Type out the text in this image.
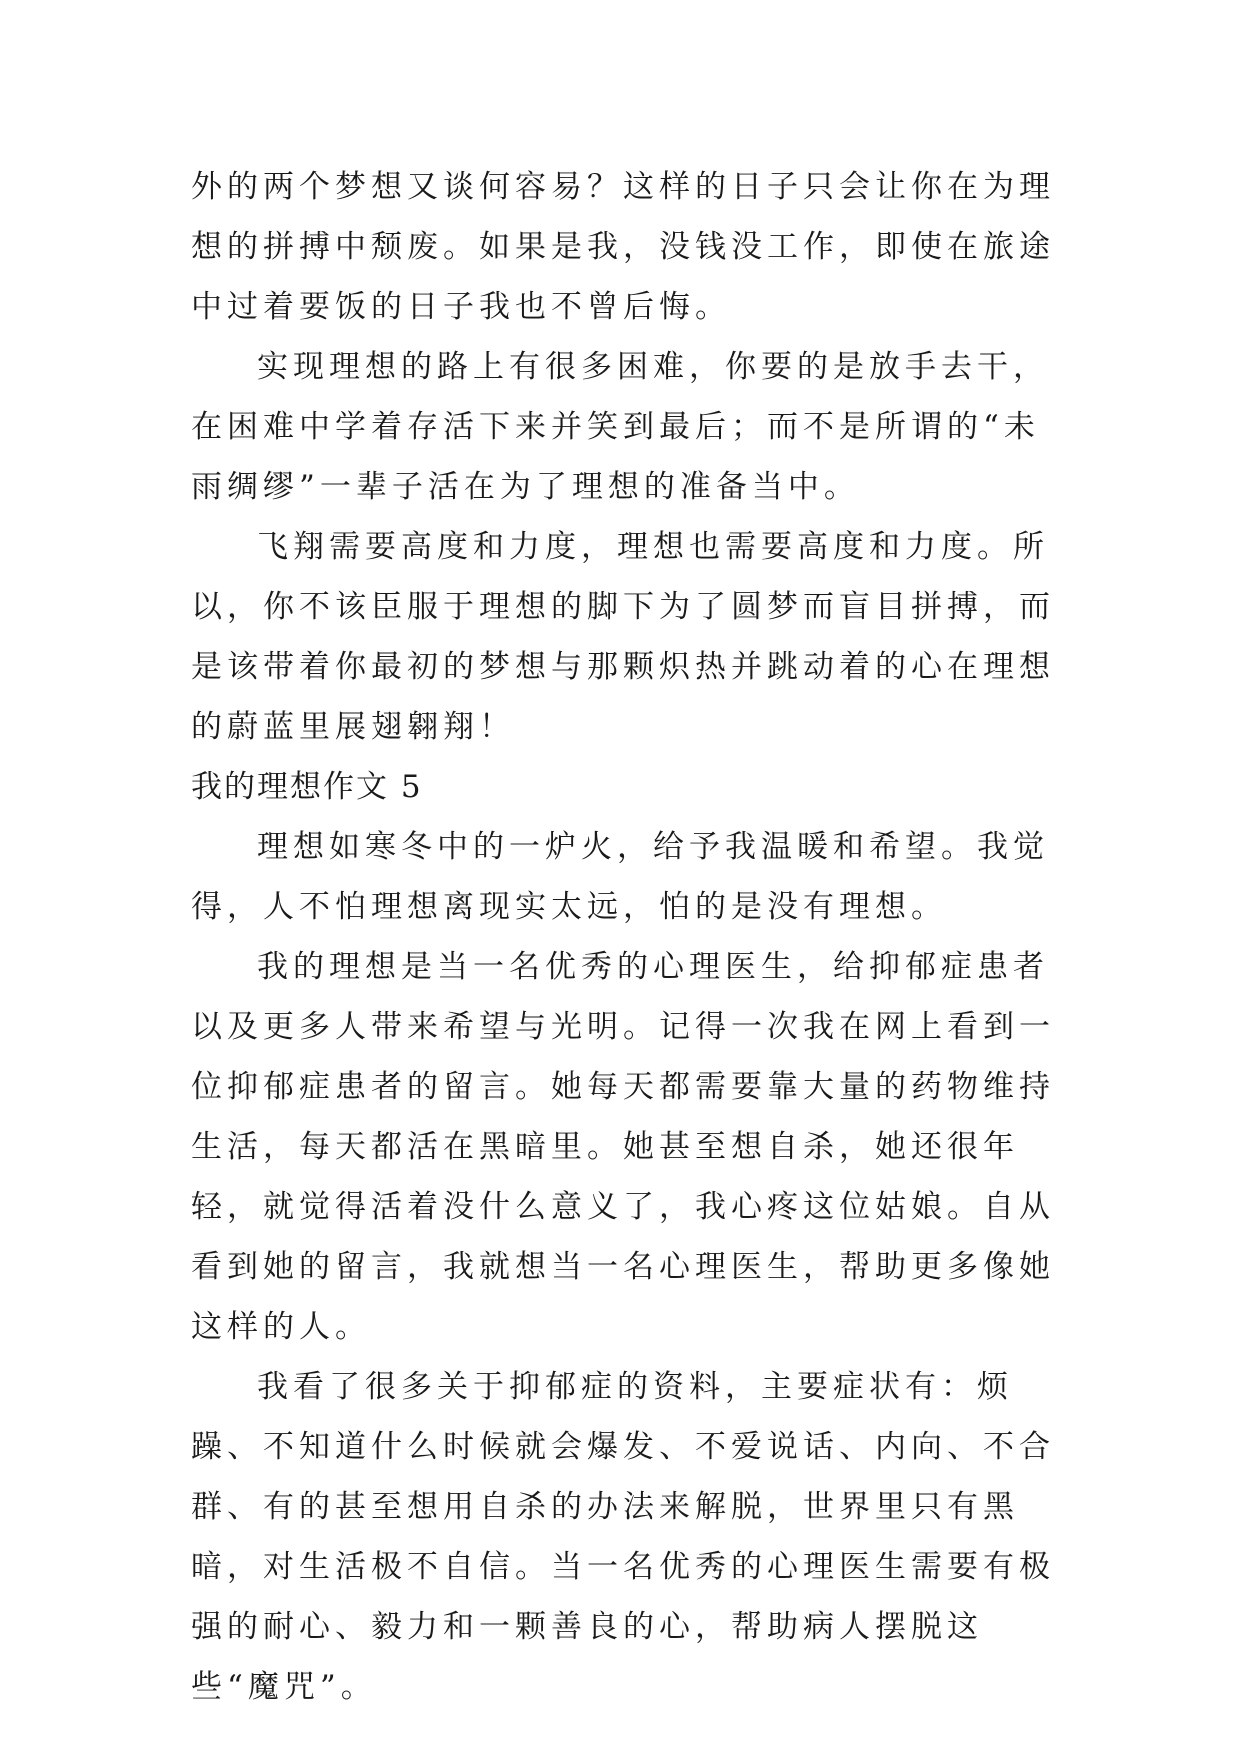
外的两个梦想又谈何容易？这样的日子只会让你在为理想的拼搏中颓废。如果是我，没钱没工作，即使在旅途中过着要饭的日子我也不曾后悔。

实现理想的路上有很多困难，你要的是放手去干，在困难中学着存活下来并笑到最后；而不是所谓的“未雨绸缪”一辈子活在为了理想的准备当中。

飞翔需要高度和力度，理想也需要高度和力度。所以，你不该臣服于理想的脚下为了圆梦而盲目拼搏，而是该带着你最初的梦想与那颗炽热并跳动着的心在理想的蔚蓝里展翅翱翔！

我的理想作文 5

理想如寒冬中的一炉火，给予我温暖和希望。我觉得，人不怕理想离现实太远，怕的是没有理想。

我的理想是当一名优秀的心理医生，给抑郁症患者以及更多人带来希望与光明。记得一次我在网上看到一位抑郁症患者的留言。她每天都需要靠大量的药物维持生活，每天都活在黑暗里。她甚至想自杀，她还很年轻，就觉得活着没什么意义了，我心疼这位姑娘。自从看到她的留言，我就想当一名心理医生，帮助更多像她这样的人。

我看了很多关于抑郁症的资料，主要症状有：烦躁、不知道什么时候就会爆发、不爱说话、内向、不合群、有的甚至想用自杀的办法来解脱，世界里只有黑暗，对生活极不自信。当一名优秀的心理医生需要有极强的耐心、毅力和一颗善良的心，帮助病人摆脱这些“魔咒”。
